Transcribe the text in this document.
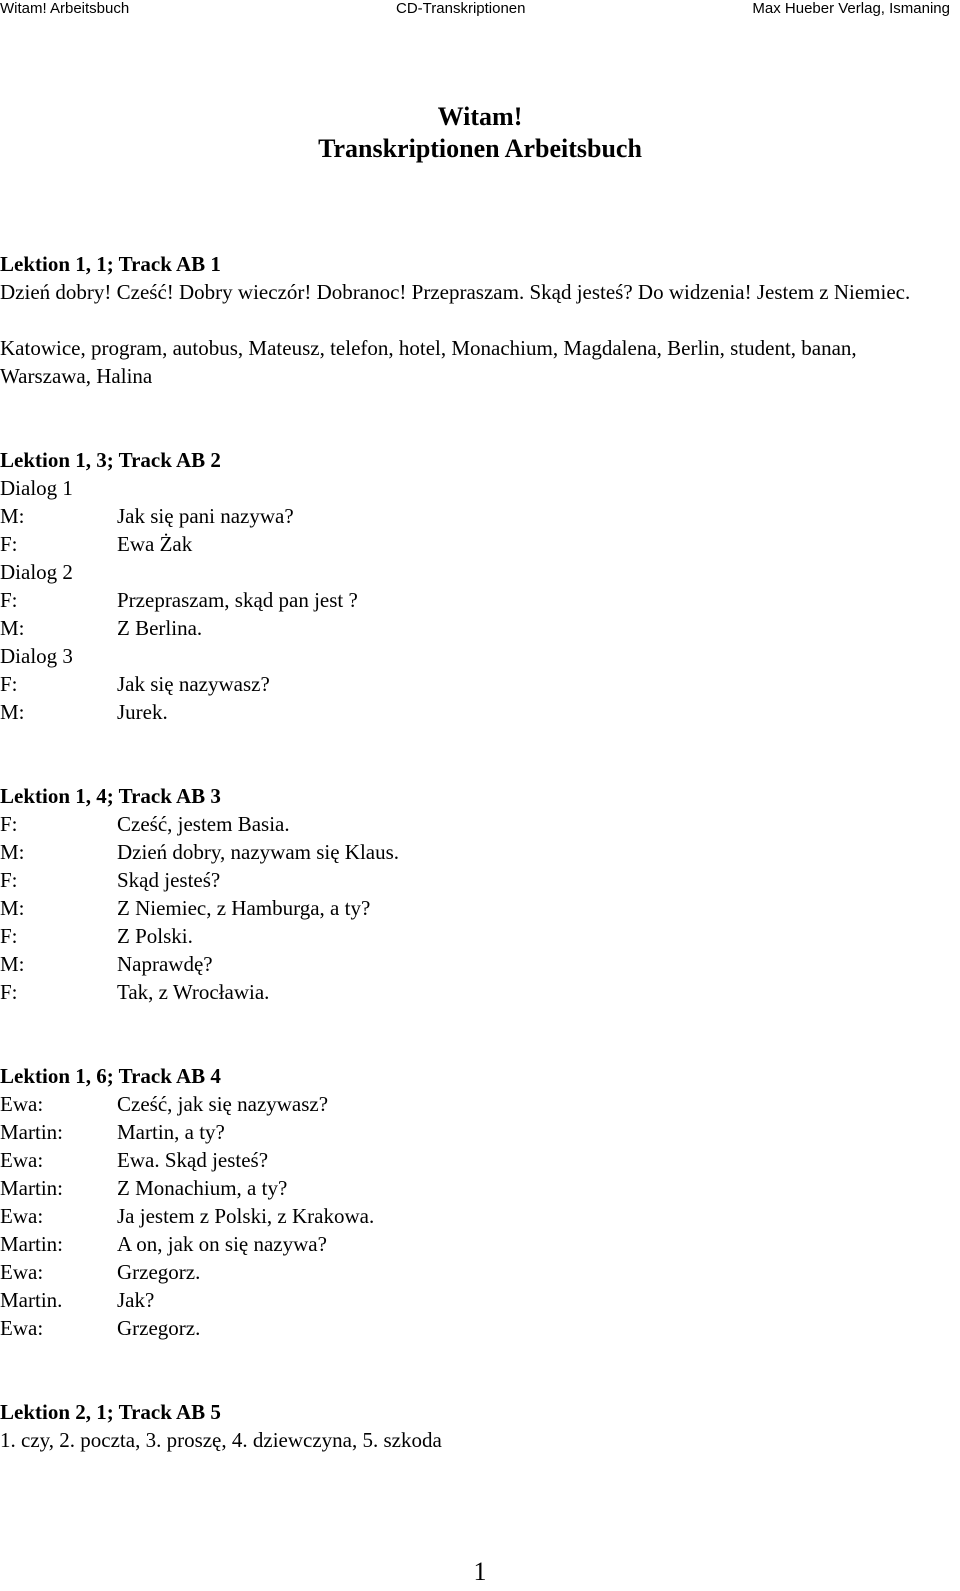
Witam! Arbeitsbuch	CD-Transkriptionen	Max Hueber Verlag, Ismaning
Witam!
Transkriptionen Arbeitsbuch
Lektion 1, 1; Track AB 1
Dzień dobry! Cześć! Dobry wieczór! Dobranoc! Przepraszam. Skąd jesteś? Do widzenia! Jestem z Niemiec.
Katowice, program, autobus, Mateusz, telefon, hotel, Monachium, Magdalena, Berlin, student, banan, Warszawa, Halina
Lektion 1, 3; Track AB 2
Dialog 1
M:	Jak się pani nazywa?
F:	Ewa Żak
Dialog 2
F:	Przepraszam, skąd pan jest ?
M:	Z Berlina.
Dialog 3
F:	Jak się nazywasz?
M:	Jurek.
Lektion 1, 4; Track AB 3
F:	Cześć, jestem Basia.
M:	Dzień dobry, nazywam się Klaus.
F:	Skąd jesteś?
M:	Z Niemiec, z Hamburga, a ty?
F:	Z Polski.
M:	Naprawdę?
F:	Tak, z Wrocławia.
Lektion 1, 6; Track AB 4
Ewa:	Cześć, jak się nazywasz?
Martin:	Martin, a ty?
Ewa:	Ewa. Skąd jesteś?
Martin:	Z Monachium, a ty?
Ewa:	Ja jestem z Polski, z Krakowa.
Martin:	A on, jak on się nazywa?
Ewa:	Grzegorz.
Martin.	Jak?
Ewa:	Grzegorz.
Lektion 2, 1; Track AB 5
1. czy, 2. poczta, 3. proszę, 4. dziewczyna, 5. szkoda
1
